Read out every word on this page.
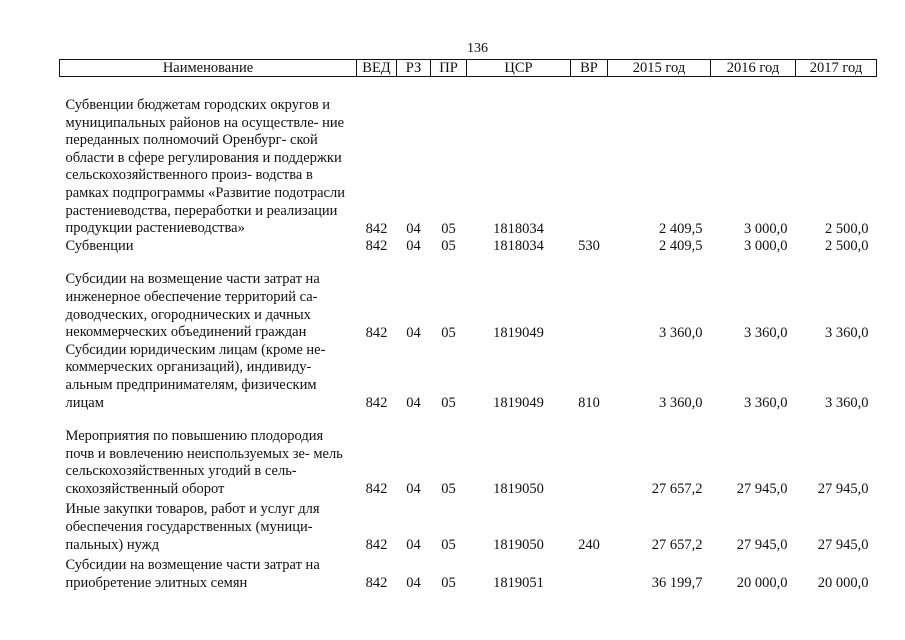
136
Наименование	ВЕД	РЗ	ПР	ЦСР	ВР	2015 год	2016 год	2017 год
Субвенции бюджетам городских округов и муниципальных районов на осуществле- ние переданных полномочий Оренбург- ской области в сфере регулирования и поддержки сельскохозяйственного произ- водства в рамках подпрограммы «Развитие подотрасли растениеводства, переработки и реализации продукции растениеводства»	842	04	05	1818034		2 409,5	3 000,0	2 500,0
Субвенции	842	04	05	1818034	530	2 409,5	3 000,0	2 500,0
Субсидии на возмещение части затрат на инженерное обеспечение территорий са- доводческих, огороднических и дачных некоммерческих объединений граждан	842	04	05	1819049		3 360,0	3 360,0	3 360,0
Субсидии юридическим лицам (кроме не- коммерческих организаций), индивиду- альным предпринимателям, физическим лицам	842	04	05	1819049	810	3 360,0	3 360,0	3 360,0
Мероприятия по повышению плодородия почв и вовлечению неиспользуемых зе- мель сельскохозяйственных угодий в сель- скохозяйственный оборот	842	04	05	1819050		27 657,2	27 945,0	27 945,0
Иные закупки товаров, работ и услуг для обеспечения государственных (муници- пальных) нужд	842	04	05	1819050	240	27 657,2	27 945,0	27 945,0
Субсидии на возмещение части затрат на приобретение элитных семян	842	04	05	1819051		36 199,7	20 000,0	20 000,0
